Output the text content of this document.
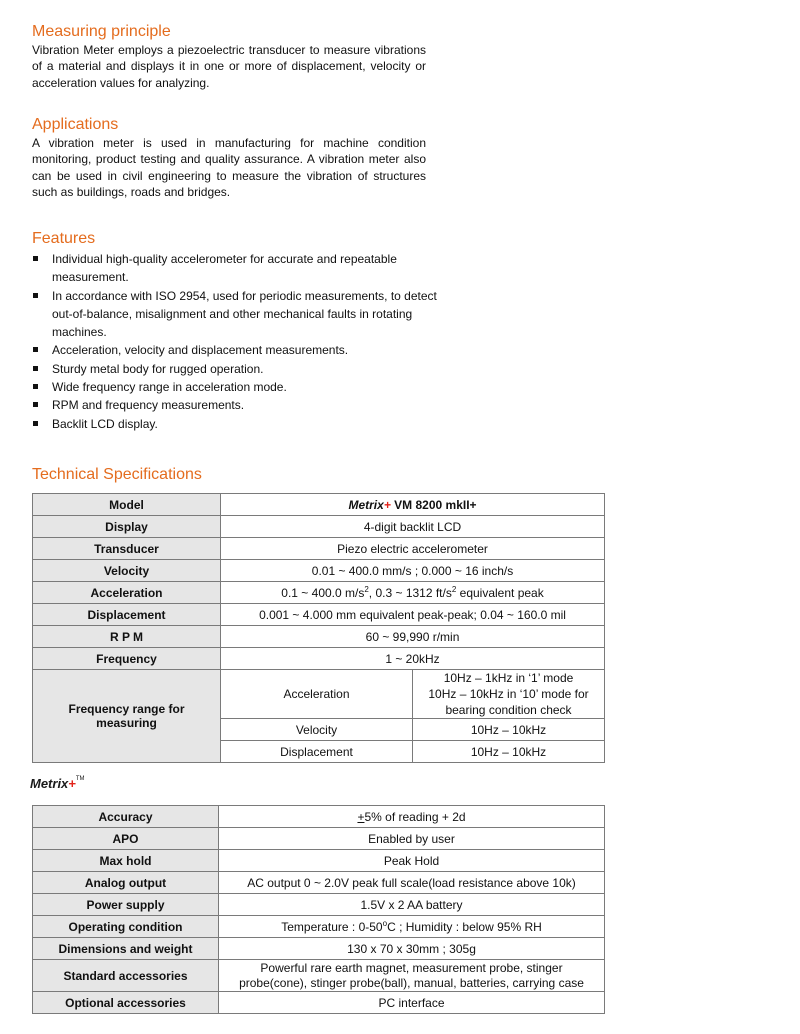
Measuring principle

Vibration Meter employs a piezoelectric transducer to measure vibrations of a material and displays it in one or more of displacement, velocity or acceleration values for analyzing.

Applications

A vibration meter is used in manufacturing for machine condition monitoring, product testing and quality assurance. A vibration meter also can be used in civil engineering to measure the vibration of structures such as buildings, roads and bridges.

Features
Individual high-quality accelerometer for accurate and repeatable measurement.
In accordance with ISO 2954, used for periodic measurements, to detect out-of-balance, misalignment and other mechanical faults in rotating machines.
Acceleration, velocity and displacement measurements.
Sturdy metal body for rugged operation.
Wide frequency range in acceleration mode.
RPM and frequency measurements.
Backlit LCD display.
Technical Specifications
Model	Metrix+ VM 8200 mkII+	
Display	4-digit backlit LCD	
Transducer	Piezo electric accelerometer	
Velocity	0.01 ~ 400.0 mm/s ; 0.000 ~ 16 inch/s	
Acceleration	0.1 ~ 400.0 $m/s^2$, 0.3 ~ 1312 $ft/s^2$ equivalent peak	
Displacement	0.001 ~ 4.000 mm equivalent peak-peak; 0.04 ~ 160.0 mil	
R P M	60 ~ 99,990 r/min	
Frequency	1 ~ 20kHz	
Frequency range for measuring	Acceleration	10Hz – 1kHz in ‘1’ mode
10Hz – 10kHz in ‘10’ mode for
bearing condition check

	Velocity	10Hz – 10kHz
	Displacement	10Hz – 10kHz
Metrix+™
Accuracy	+5% of reading + 2d
APO	Enabled by user
Max hold	Peak Hold
Analog output	AC output 0 ~ 2.0V peak full scale(load resistance above 10k)
Power supply	1.5V x 2 AA battery
Operating condition	Temperature : 0-50$^o$C ; Humidity : below 95% RH
Dimensions and weight	130 x 70 x 30mm ; 305g
Standard accessories	Powerful rare earth magnet, measurement probe, stinger
probe(cone), stinger probe(ball), manual, batteries, carrying case

Optional accessories	PC interface
